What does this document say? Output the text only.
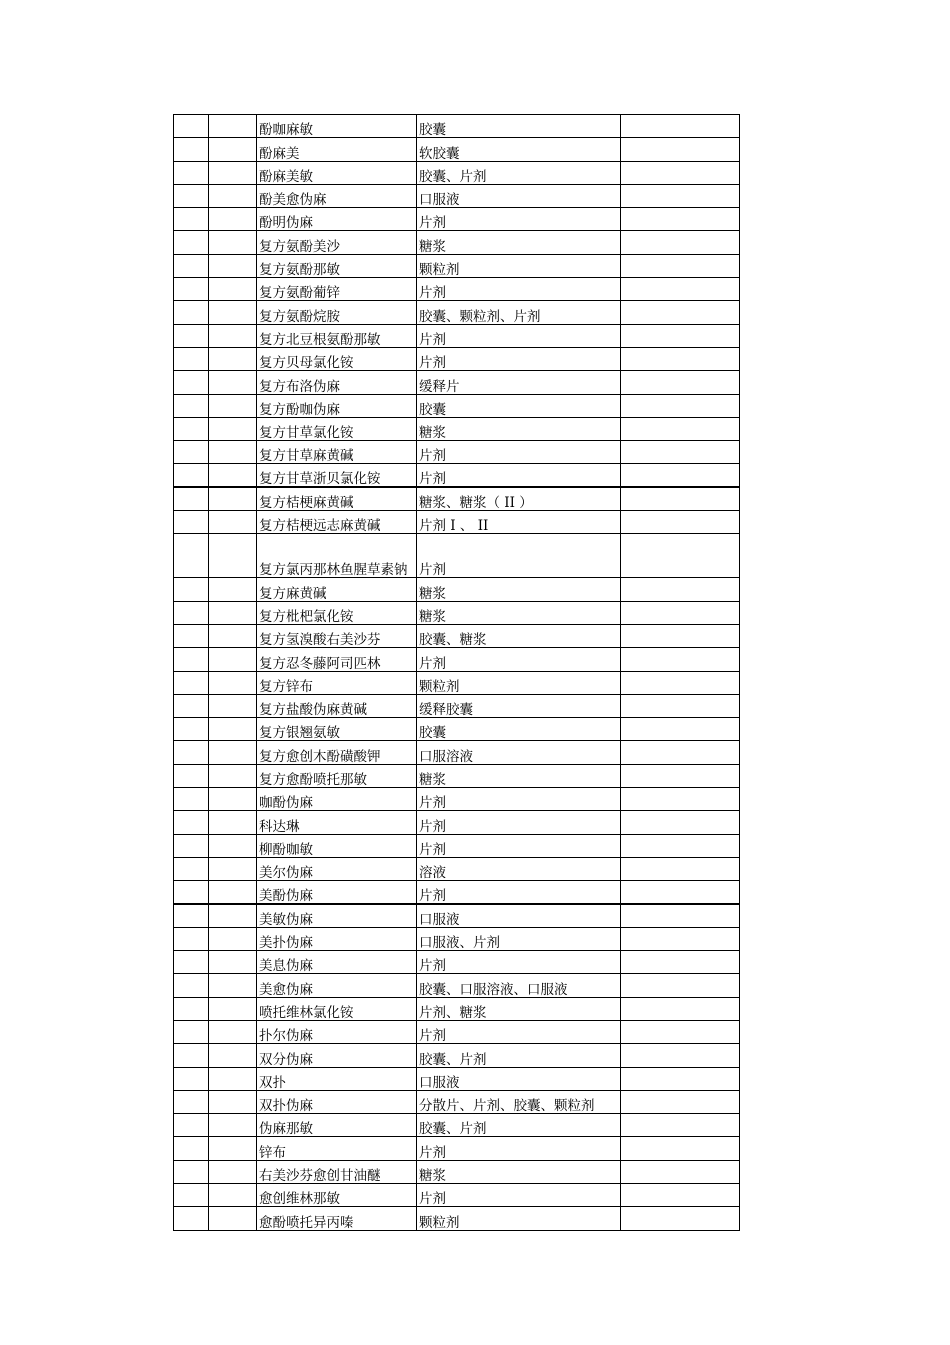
		酚咖麻敏	胶囊	
		酚麻美	软胶囊	
		酚麻美敏	胶囊、片剂	
		酚美愈伪麻	口服液	
		酚明伪麻	片剂	
		复方氨酚美沙	糖浆	
		复方氨酚那敏	颗粒剂	
		复方氨酚葡锌	片剂	
		复方氨酚烷胺	胶囊、颗粒剂、片剂	
		复方北豆根氨酚那敏	片剂	
		复方贝母氯化铵	片剂	
		复方布洛伪麻	缓释片	
		复方酚咖伪麻	胶囊	
		复方甘草氯化铵	糖浆	
		复方甘草麻黄碱	片剂	
		复方甘草浙贝氯化铵	片剂	
		复方桔梗麻黄碱	糖浆、糖浆（ II ）	
		复方桔梗远志麻黄碱	片剂 I 、 II	
		复方氯丙那林鱼腥草素钠	片剂	
		复方麻黄碱	糖浆	
		复方枇杷氯化铵	糖浆	
		复方氢溴酸右美沙芬	胶囊、糖浆	
		复方忍冬藤阿司匹林	片剂	
		复方锌布	颗粒剂	
		复方盐酸伪麻黄碱	缓释胶囊	
		复方银翘氨敏	胶囊	
		复方愈创木酚磺酸钾	口服溶液	
		复方愈酚喷托那敏	糖浆	
		咖酚伪麻	片剂	
		科达琳	片剂	
		柳酚咖敏	片剂	
		美尔伪麻	溶液	
		美酚伪麻	片剂	
		美敏伪麻	口服液	
		美扑伪麻	口服液、片剂	
		美息伪麻	片剂	
		美愈伪麻	胶囊、口服溶液、口服液	
		喷托维林氯化铵	片剂、糖浆	
		扑尔伪麻	片剂	
		双分伪麻	胶囊、片剂	
		双扑	口服液	
		双扑伪麻	分散片、片剂、胶囊、颗粒剂	
		伪麻那敏	胶囊、片剂	
		锌布	片剂	
		右美沙芬愈创甘油醚	糖浆	
		愈创维林那敏	片剂	
		愈酚喷托异丙嗪	颗粒剂	
